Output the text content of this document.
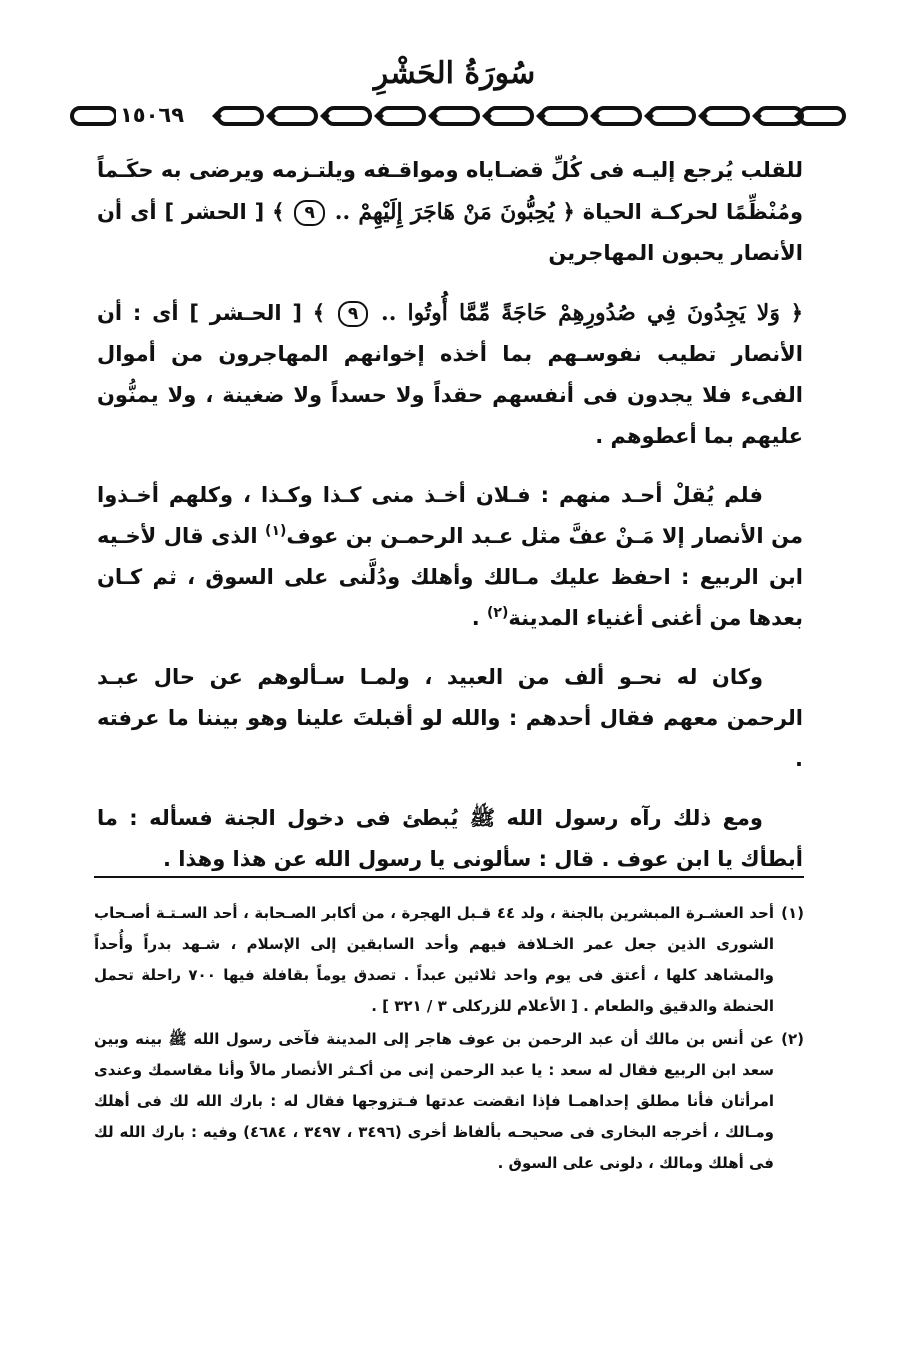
سُورَةُ الحَشْرِ
١٥٠٦٩

للقلب يُرجع إليـه فى كُلِّ قضـاياه ومواقـفه ويلتـزمه ويرضى به حكَـماً ومُنْظِّمًا لحركـة الحياة ﴿ يُحِبُّونَ مَنْ هَاجَرَ إِلَيْهِمْ .. ٩ ﴾ [ الحشر ] أى أن الأنصار يحبون المهاجرين

﴿ وَلا يَجِدُونَ فِي صُدُورِهِمْ حَاجَةً مِّمَّا أُوتُوا .. ٩ ﴾ [ الحـشر ] أى : أن الأنصار تطيب نفوسـهم بما أخذه إخوانهم المهاجرون من أموال الفىء فلا يجدون فى أنفسهم حقداً ولا حسداً ولا ضغينة ، ولا يمنُّون عليهم بما أعطوهم .

فلم يُقلْ أحـد منهم : فـلان أخـذ منى كـذا وكـذا ، وكلهم أخـذوا من الأنصار إلا مَـنْ عفَّ مثل عـبد الرحمـن بن عوف$^{(١)}$ الذى قال لأخـيه ابن الربيع : احفظ عليك مـالك وأهلك ودُلَّنى على السوق ، ثم كـان بعدها من أغنى أغنياء المدينة$^{(٢)}$ .

وكان له نحـو ألف من العبيد ، ولمـا سـألوهم عن حال عبـد الرحمن معهم فقال أحدهم : والله لو أقبلتَ علينا وهو بيننا ما عرفته .

ومع ذلك رآه رسول الله ﷺ يُبطئ فى دخول الجنة فسأله : ما أبطأك يا ابن عوف . قال : سألونى يا رسول الله عن هذا وهذا .

(١)
أحد العشـرة المبشرين بالجنة ، ولد ٤٤ قـبل الهجرة ، من أكابر الصـحابة ، أحد السـتـة أصـحاب الشورى الذين جعل عمر الخـلافة فيهم وأحد السابقين إلى الإسلام ، شـهد بدراً وأُحداً والمشاهد كلها ، أعتق فى يوم واحد ثلاثين عبداً . تصدق يوماً بقافلة فيها ٧٠٠ راحلة تحمل الحنطة والدقيق والطعام . [ الأعلام للزركلى ٣ / ٣٢١ ] .
(٢)
عن أنس بن مالك أن عبد الرحمن بن عوف هاجر إلى المدينة فآخى رسول الله ﷺ بينه وبين سعد ابن الربيع فقال له سعد : يا عبد الرحمن إنى من أكـثر الأنصار مالاً وأنا مقاسمك وعندى امرأتان فأنا مطلق إحداهمـا فإذا انقضت عدتها فـتزوجها فقال له : بارك الله لك فى أهلك ومـالك ، أخرجه البخارى فى صحيحـه بألفاظ أخرى (٣٤٩٦ ، ٣٤٩٧ ، ٤٦٨٤) وفيه : بارك الله لك فى أهلك ومالك ، دلونى على السوق .
